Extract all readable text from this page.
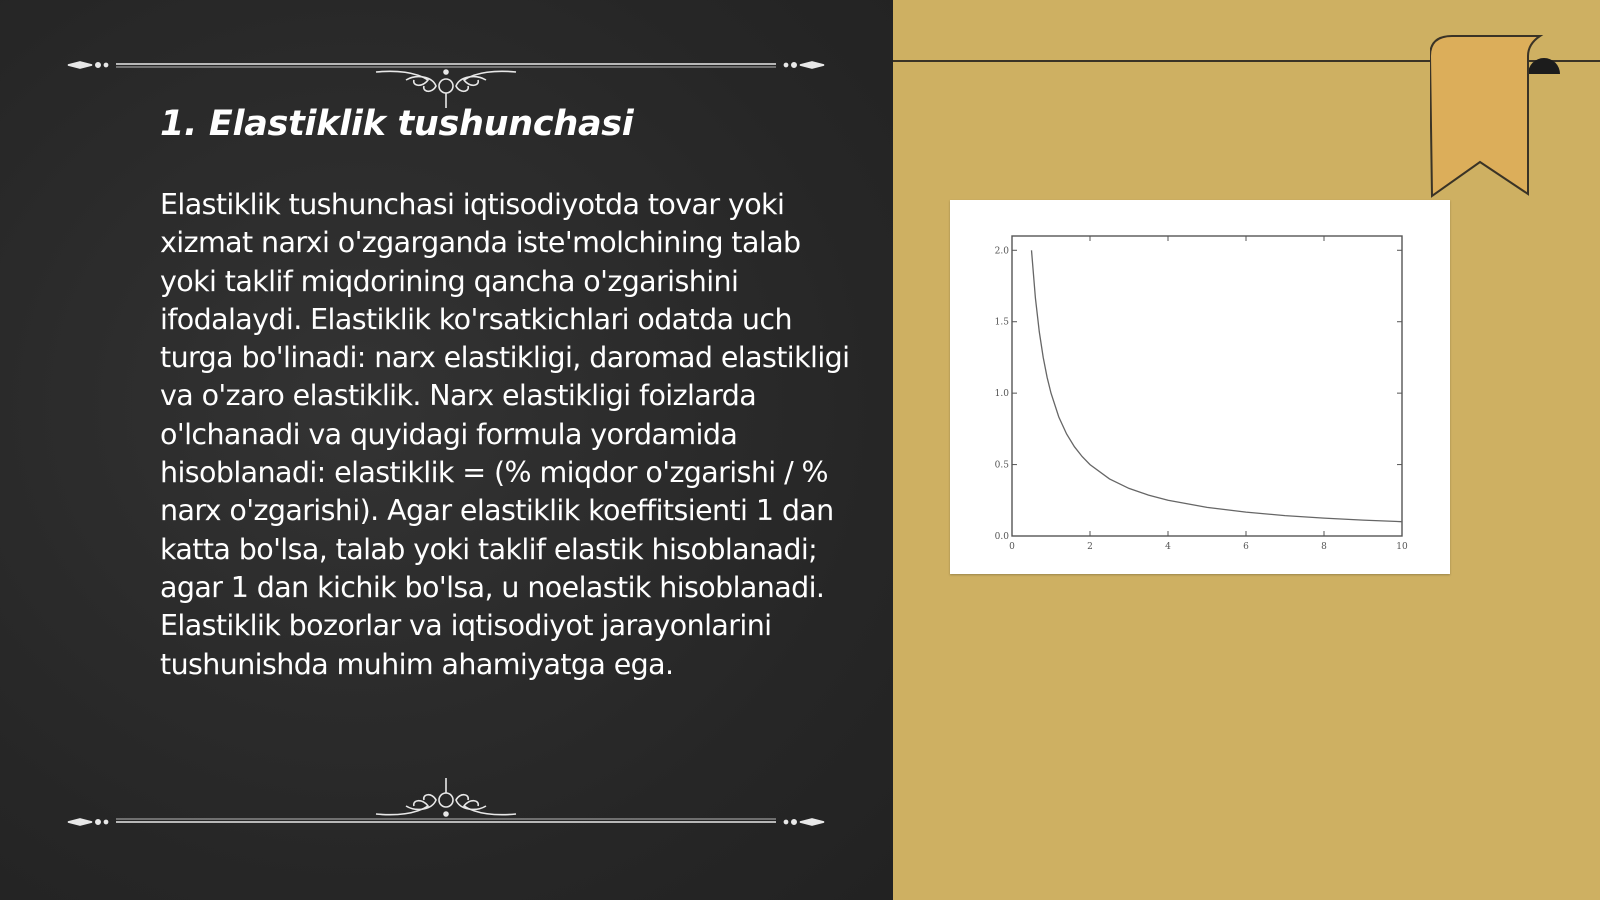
1. Elastiklik tushunchasi
Elastiklik tushunchasi iqtisodiyotda tovar yoki xizmat narxi o'zgarganda iste'molchining talab yoki taklif miqdorining qancha o'zgarishini ifodalaydi. Elastiklik ko'rsatkichlari odatda uch turga bo'linadi: narx elastikligi, daromad elastikligi va o'zaro elastiklik. Narx elastikligi foizlarda o'lchanadi va quyidagi formula yordamida hisoblanadi: elastiklik = (% miqdor o'zgarishi / % narx o'zgarishi). Agar elastiklik koeffitsienti 1 dan katta bo'lsa, talab yoki taklif elastik hisoblanadi; agar 1 dan kichik bo'lsa, u noelastik hisoblanadi. Elastiklik bozorlar va iqtisodiyot jarayonlarini tushunishda muhim ahamiyatga ega.
0	2	4	6	8	10
0.0
0.5
1.0
1.5
2.0
